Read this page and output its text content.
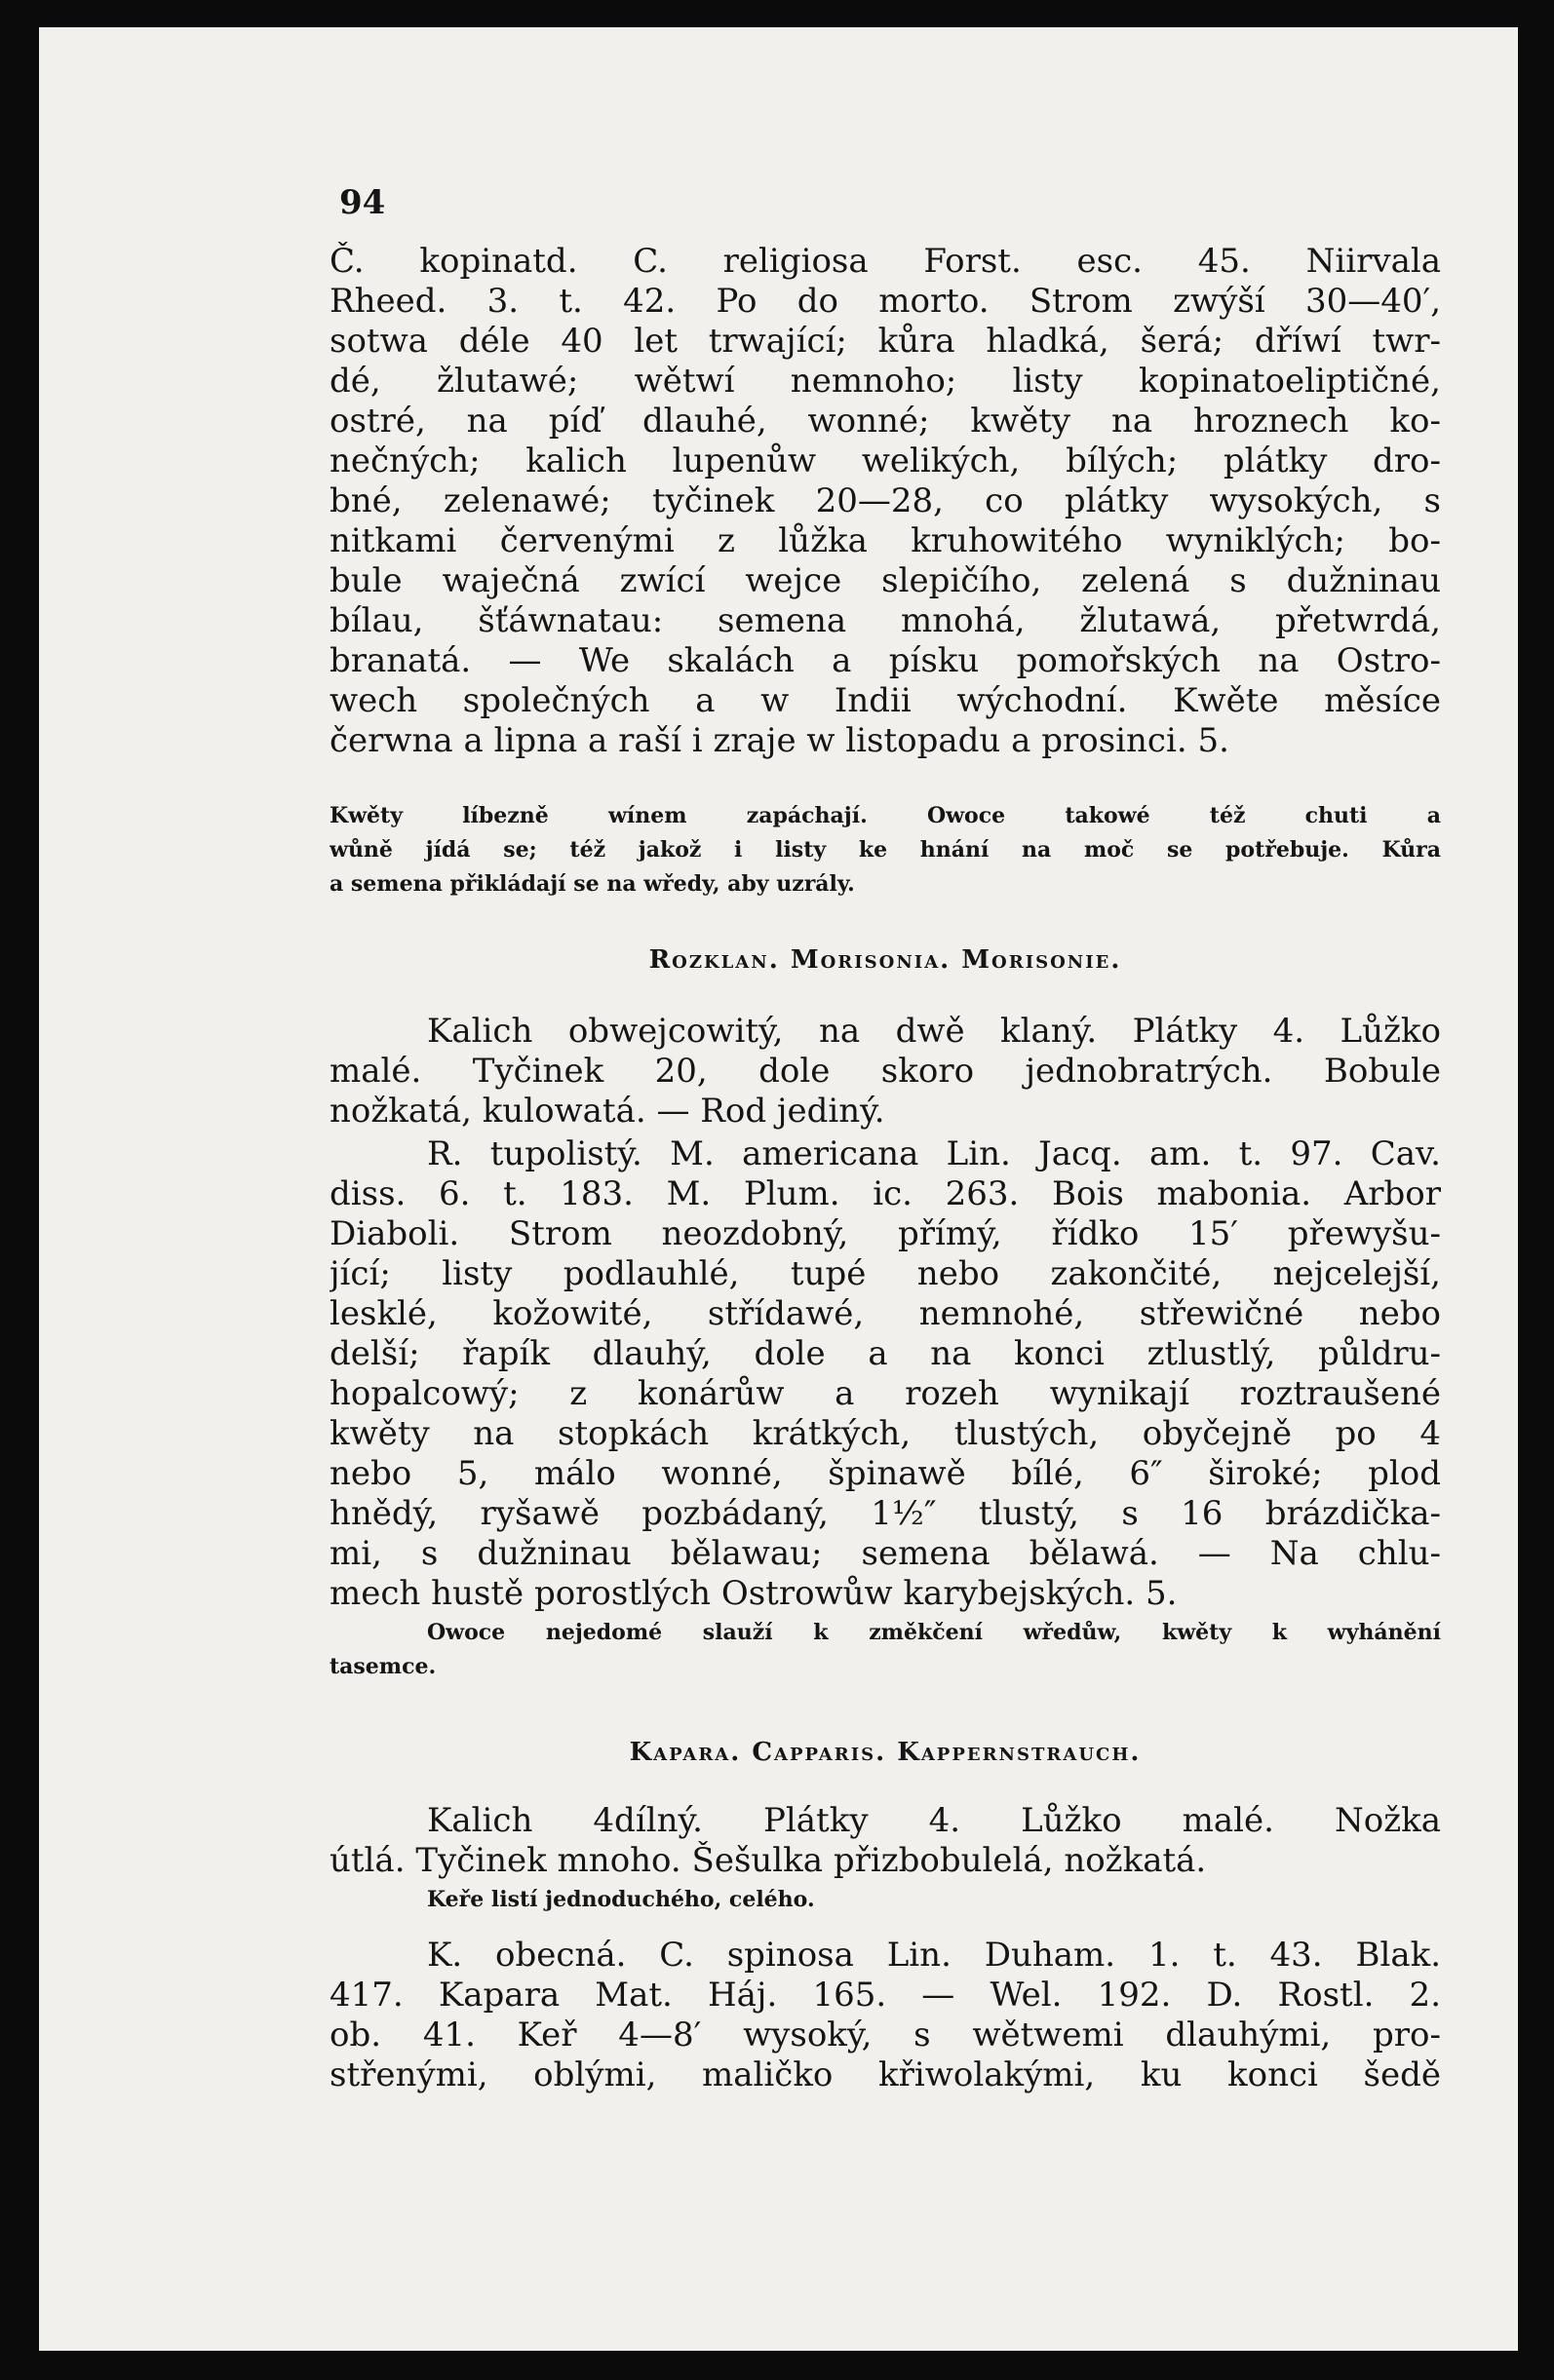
94
Č. kopinatd. C. religiosa Forst. esc. 45. Niirvala
Rheed. 3. t. 42. Po do morto. Strom zwýší 30—40′,
sotwa déle 40 let trwající; kůra hladká, šerá; dříwí twr-
dé, žlutawé; wětwí nemnoho; listy kopinatoeliptičné,
ostré, na píď dlauhé, wonné; kwěty na hroznech ko-
nečných; kalich lupenůw welikých, bílých; plátky dro-
bné, zelenawé; tyčinek 20—28, co plátky wysokých, s
nitkami červenými z lůžka kruhowitého wyniklých; bo-
bule waječná zwící wejce slepičího, zelená s dužninau
bílau, šťáwnatau: semena mnohá, žlutawá, přetwrdá,
branatá. — We skalách a písku pomořských na Ostro-
wech společných a w Indii wýchodní. Kwěte měsíce
čerwna a lipna a raší i zraje w listopadu a prosinci. 5.
Kwěty líbezně wínem zapáchají. Owoce takowé též chuti a
wůně jídá se; též jakož i listy ke hnání na moč se potřebuje. Kůra
a semena přikládají se na wředy, aby uzrály.
Rozklan. Morisonia. Morisonie.
Kalich obwejcowitý, na dwě klaný. Plátky 4. Lůžko
malé. Tyčinek 20, dole skoro jednobratrých. Bobule
nožkatá, kulowatá. — Rod jediný.
R. tupolistý. M. americana Lin. Jacq. am. t. 97. Cav.
diss. 6. t. 183. M. Plum. ic. 263. Bois mabonia. Arbor
Diaboli. Strom neozdobný, přímý, řídko 15′ přewyšu-
jící; listy podlauhlé, tupé nebo zakončité, nejcelejší,
lesklé, kožowité, střídawé, nemnohé, střewičné nebo
delší; řapík dlauhý, dole a na konci ztlustlý, půldru-
hopalcowý; z konárůw a rozeh wynikají roztraušené
kwěty na stopkách krátkých, tlustých, obyčejně po 4
nebo 5, málo wonné, špinawě bílé, 6″ široké; plod
hnědý, ryšawě pozbádaný, 1½″ tlustý, s 16 brázdička-
mi, s dužninau bělawau; semena bělawá. — Na chlu-
mech hustě porostlých Ostrowůw karybejských. 5.
Owoce nejedomé slauží k změkčení wředůw, kwěty k wyhánění
tasemce.
Kapara. Capparis. Kappernstrauch.
Kalich 4dílný. Plátky 4. Lůžko malé. Nožka
útlá. Tyčinek mnoho. Šešulka přizbobulelá, nožkatá.
Keře listí jednoduchého, celého.
K. obecná. C. spinosa Lin. Duham. 1. t. 43. Blak.
417. Kapara Mat. Háj. 165. — Wel. 192. D. Rostl. 2.
ob. 41. Keř 4—8′ wysoký, s wětwemi dlauhými, pro-
střenými, oblými, maličko křiwolakými, ku konci šedě
